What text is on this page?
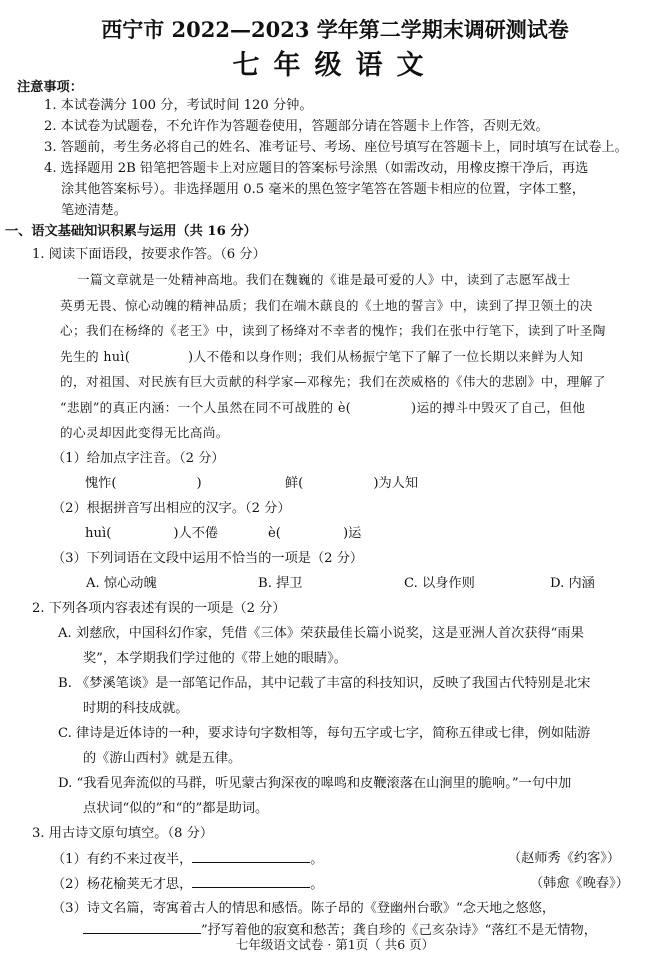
西宁市 2022—2023 学年第二学期末调研测试卷
七年级语文
注意事项：
1. 本试卷满分 100 分，考试时间 120 分钟。
2. 本试卷为试题卷，不允许作为答题卷使用，答题部分请在答题卡上作答，否则无效。
3. 答题前，考生务必将自己的姓名、准考证号、考场、座位号填写在答题卡上，同时填写在试卷上。
4. 选择题用 2B 铅笔把答题卡上对应题目的答案标号涂黑（如需改动，用橡皮擦干净后，再选
涂其他答案标号）。非选择题用 0.5 毫米的黑色签字笔答在答题卡相应的位置，字体工整，
笔迹清楚。
一、语文基础知识积累与运用（共 16 分）
1. 阅读下面语段，按要求作答。（6 分）
一篇文章就是一处精神高地。我们在魏巍的《谁是最可爱的人》中，读到了志愿军战士
英勇无畏、惊心动魄的精神品质；我们在端木蕻良的《土地的誓言》中，读到了捍卫领土的决
心；我们在杨绛的《老王》中，读到了杨绛对不幸者的愧怍；我们在张中行笔下，读到了叶圣陶
先生的 huì(	)人不倦和以身作则；我们从杨振宁笔下了解了一位长期以来鲜为人知
的，对祖国、对民族有巨大贡献的科学家—邓稼先；我们在茨威格的《伟大的悲剧》中，理解了
“悲剧”的真正内涵：一个人虽然在同不可战胜的 è(	)运的搏斗中毁灭了自己，但他
的心灵却因此变得无比高尚。
（1）给加点字注音。（2 分）
愧怍(	)	鲜(	)为人知
（2）根据拼音写出相应的汉字。（2 分）
huì(	)人不倦	è(	)运
（3）下列词语在文段中运用不恰当的一项是（2 分）
A. 惊心动魄	B. 捍卫	C. 以身作则	D. 内涵
2. 下列各项内容表述有误的一项是（2 分）
A. 刘慈欣，中国科幻作家，凭借《三体》荣获最佳长篇小说奖，这是亚洲人首次获得“雨果
奖”，本学期我们学过他的《带上她的眼睛》。
B. 《梦溪笔谈》是一部笔记作品，其中记载了丰富的科技知识，反映了我国古代特别是北宋
时期的科技成就。
C. 律诗是近体诗的一种，要求诗句字数相等，每句五字或七字，简称五律或七律，例如陆游
的《游山西村》就是五律。
D. “我看见奔流似的马群，听见蒙古狗深夜的嗥鸣和皮鞭滚落在山涧里的脆响。”一句中加
点状词“似的”和“的”都是助词。
3. 用古诗文原句填空。（8 分）
（1）有约不来过夜半，	。	（赵师秀《约客》）
（2）杨花榆荚无才思，	。	（韩愈《晚春》）
（3）诗文名篇，寄寓着古人的情思和感悟。陈子昂的《登幽州台歌》“念天地之悠悠，
”抒写着他的寂寞和愁苦；龚自珍的《己亥杂诗》“落红不是无情物，
七年级语文试卷 · 第1页（ 共6 页）
